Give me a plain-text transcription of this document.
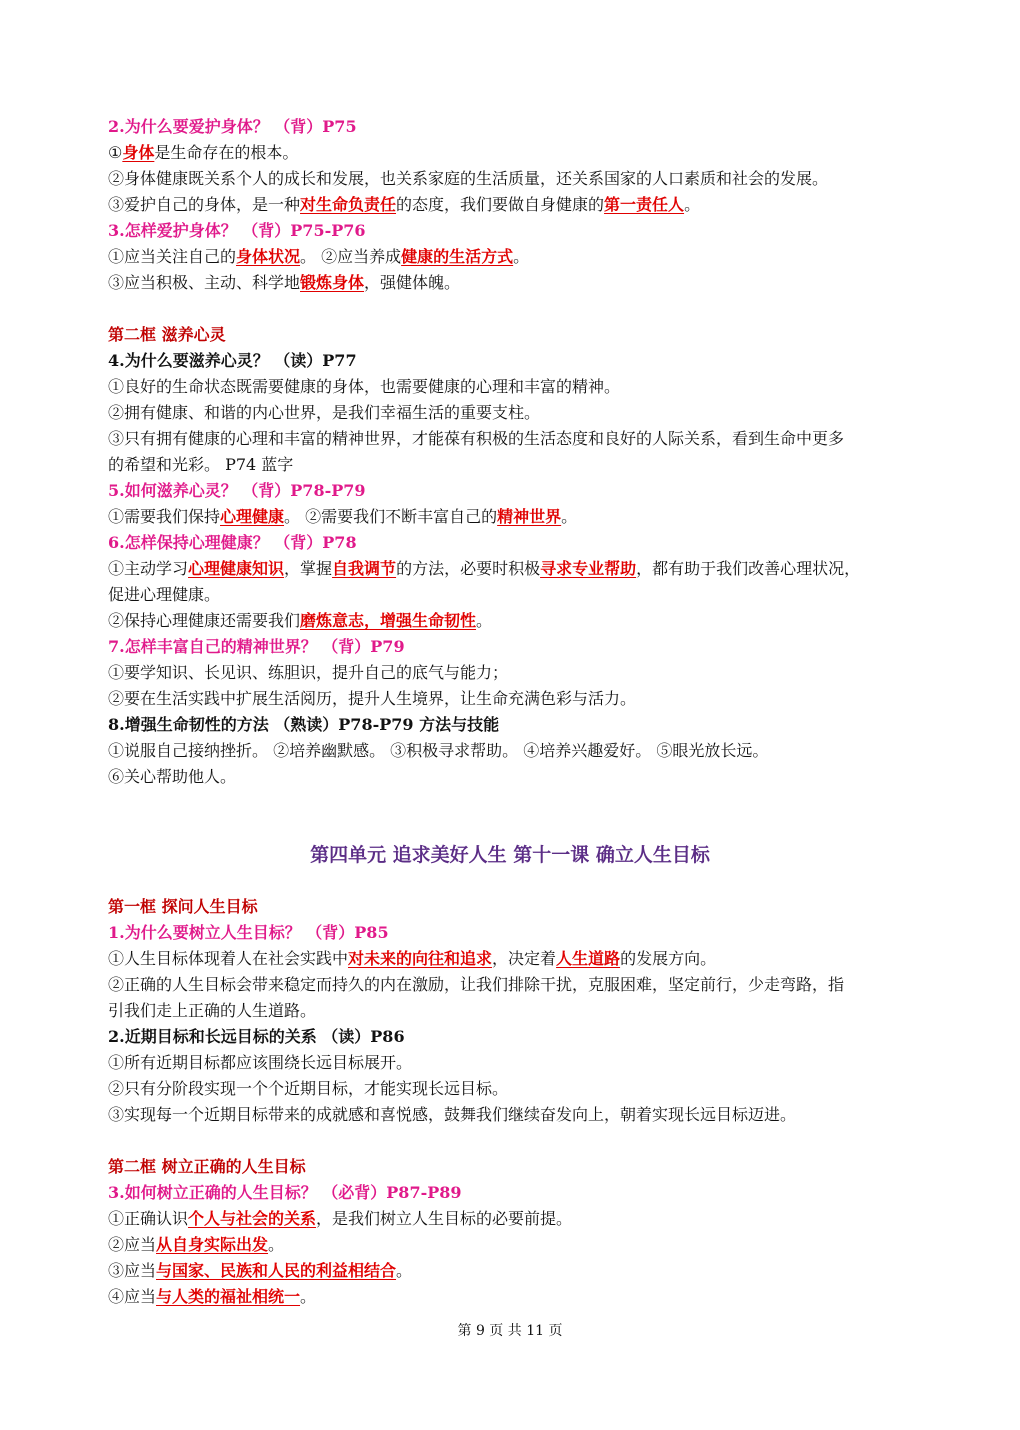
2.为什么要爱护身体？ （背）P75
①身体是生命存在的根本。
②身体健康既关系个人的成长和发展，也关系家庭的生活质量，还关系国家的人口素质和社会的发展。
③爱护自己的身体，是一种对生命负责任的态度，我们要做自身健康的第一责任人。
3.怎样爱护身体？ （背）P75-P76
①应当关注自己的身体状况。 ②应当养成健康的生活方式。
③应当积极、主动、科学地锻炼身体，强健体魄。
第二框 滋养心灵
4.为什么要滋养心灵？ （读）P77
①良好的生命状态既需要健康的身体，也需要健康的心理和丰富的精神。
②拥有健康、和谐的内心世界，是我们幸福生活的重要支柱。
③只有拥有健康的心理和丰富的精神世界，才能葆有积极的生活态度和良好的人际关系，看到生命中更多
的希望和光彩。 P74 蓝字
5.如何滋养心灵？ （背）P78-P79
①需要我们保持心理健康。 ②需要我们不断丰富自己的精神世界。
6.怎样保持心理健康？ （背）P78
①主动学习心理健康知识，掌握自我调节的方法，必要时积极寻求专业帮助，都有助于我们改善心理状况，
促进心理健康。
②保持心理健康还需要我们磨炼意志，增强生命韧性。
7.怎样丰富自己的精神世界？ （背）P79
①要学知识、长见识、练胆识，提升自己的底气与能力；
②要在生活实践中扩展生活阅历，提升人生境界，让生命充满色彩与活力。
8.增强生命韧性的方法 （熟读）P78-P79 方法与技能
①说服自己接纳挫折。 ②培养幽默感。 ③积极寻求帮助。 ④培养兴趣爱好。 ⑤眼光放长远。
⑥关心帮助他人。
第四单元 追求美好人生 第十一课 确立人生目标
第一框 探问人生目标
1.为什么要树立人生目标？ （背）P85
①人生目标体现着人在社会实践中对未来的向往和追求，决定着人生道路的发展方向。
②正确的人生目标会带来稳定而持久的内在激励，让我们排除干扰，克服困难，坚定前行，少走弯路，指
引我们走上正确的人生道路。
2.近期目标和长远目标的关系 （读）P86
①所有近期目标都应该围绕长远目标展开。
②只有分阶段实现一个个近期目标，才能实现长远目标。
③实现每一个近期目标带来的成就感和喜悦感，鼓舞我们继续奋发向上，朝着实现长远目标迈进。
第二框 树立正确的人生目标
3.如何树立正确的人生目标？ （必背）P87-P89
①正确认识个人与社会的关系，是我们树立人生目标的必要前提。
②应当从自身实际出发。
③应当与国家、民族和人民的利益相结合。
④应当与人类的福祉相统一。
第 9 页 共 11 页
